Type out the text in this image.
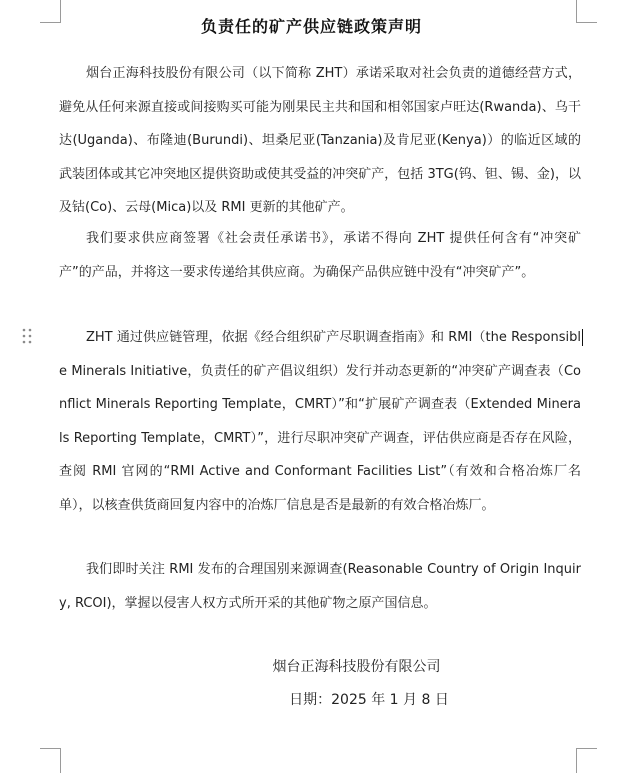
负责任的矿产供应链政策声明
烟台正海科技股份有限公司（以下简称 ZHT）承诺采取对社会负责的道德经营方式，避免从任何来源直接或间接购买可能为刚果民主共和国和相邻国家卢旺达(Rwanda)、乌干达(Uganda)、布隆迪(Burundi)、坦桑尼亚(Tanzania)及肯尼亚(Kenya)）的临近区域的武装团体或其它冲突地区提供资助或使其受益的冲突矿产，包括 3TG(钨、钽、锡、金)，以及钴(Co)、云母(Mica)以及 RMI 更新的其他矿产。
我们要求供应商签署《社会责任承诺书》，承诺不得向 ZHT 提供任何含有“冲突矿产”的产品，并将这一要求传递给其供应商。为确保产品供应链中没有“冲突矿产”。
ZHT 通过供应链管理，依据《经合组织矿产尽职调查指南》和 RMI（the Responsible Minerals Initiative，负责任的矿产倡议组织）发行并动态更新的“冲突矿产调查表（Conflict Minerals Reporting Template，CMRT）”和“扩展矿产调查表（Extended Minerals Reporting Template，CMRT）”，进行尽职冲突矿产调查，评估供应商是否存在风险，查阅 RMI 官网的“RMI Active and Conformant Facilities List”（有效和合格冶炼厂名单），以核查供货商回复内容中的冶炼厂信息是否是最新的有效合格冶炼厂。
我们即时关注 RMI 发布的合理国别来源调查(Reasonable Country of Origin Inquiry, RCOI)，掌握以侵害人权方式所开采的其他矿物之原产国信息。
烟台正海科技股份有限公司
日期：2025 年 1 月 8 日
